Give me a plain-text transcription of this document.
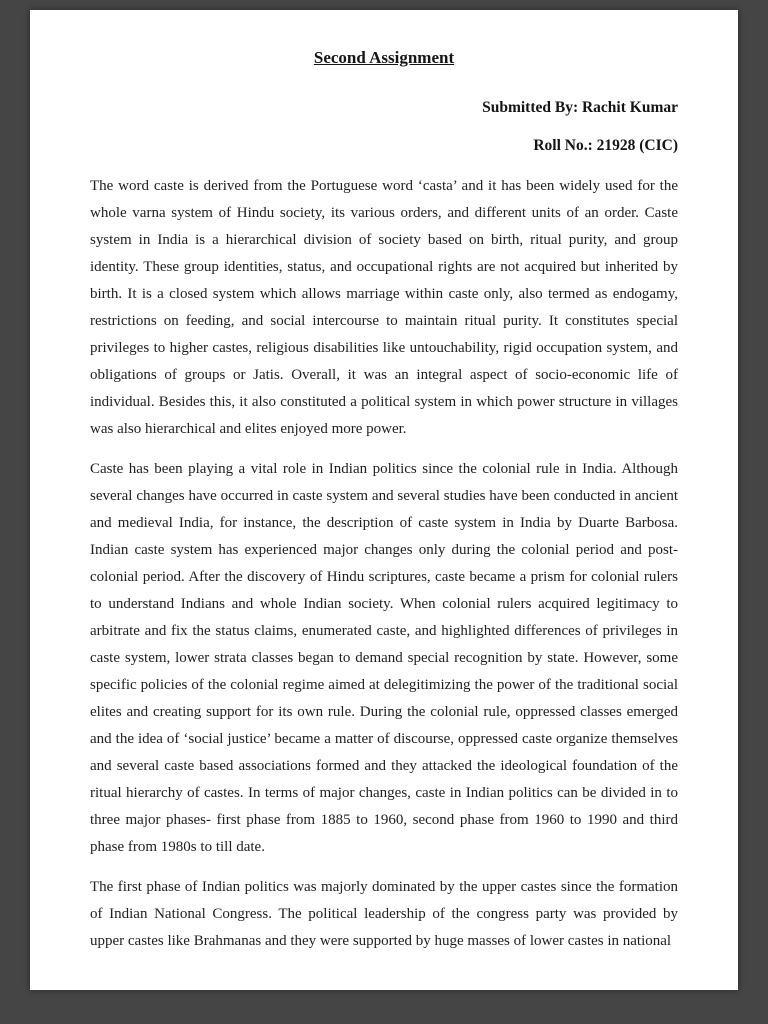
Second Assignment

Submitted By: Rachit Kumar

Roll No.: 21928 (CIC)

The word caste is derived from the Portuguese word ‘casta’ and it has been widely used for the whole varna system of Hindu society, its various orders, and different units of an order. Caste system in India is a hierarchical division of society based on birth, ritual purity, and group identity. These group identities, status, and occupational rights are not acquired but inherited by birth. It is a closed system which allows marriage within caste only, also termed as endogamy, restrictions on feeding, and social intercourse to maintain ritual purity. It constitutes special privileges to higher castes, religious disabilities like untouchability, rigid occupation system, and obligations of groups or Jatis. Overall, it was an integral aspect of socio-economic life of individual. Besides this, it also constituted a political system in which power structure in villages was also hierarchical and elites enjoyed more power.

Caste has been playing a vital role in Indian politics since the colonial rule in India. Although several changes have occurred in caste system and several studies have been conducted in ancient and medieval India, for instance, the description of caste system in India by Duarte Barbosa. Indian caste system has experienced major changes only during the colonial period and post-colonial period. After the discovery of Hindu scriptures, caste became a prism for colonial rulers to understand Indians and whole Indian society. When colonial rulers acquired legitimacy to arbitrate and fix the status claims, enumerated caste, and highlighted differences of privileges in caste system, lower strata classes began to demand special recognition by state. However, some specific policies of the colonial regime aimed at delegitimizing the power of the traditional social elites and creating support for its own rule. During the colonial rule, oppressed classes emerged and the idea of ‘social justice’ became a matter of discourse, oppressed caste organize themselves and several caste based associations formed and they attacked the ideological foundation of the ritual hierarchy of castes. In terms of major changes, caste in Indian politics can be divided in to three major phases- first phase from 1885 to 1960, second phase from 1960 to 1990 and third phase from 1980s to till date.

The first phase of Indian politics was majorly dominated by the upper castes since the formation of Indian National Congress. The political leadership of the congress party was provided by upper castes like Brahmanas and they were supported by huge masses of lower castes in national
